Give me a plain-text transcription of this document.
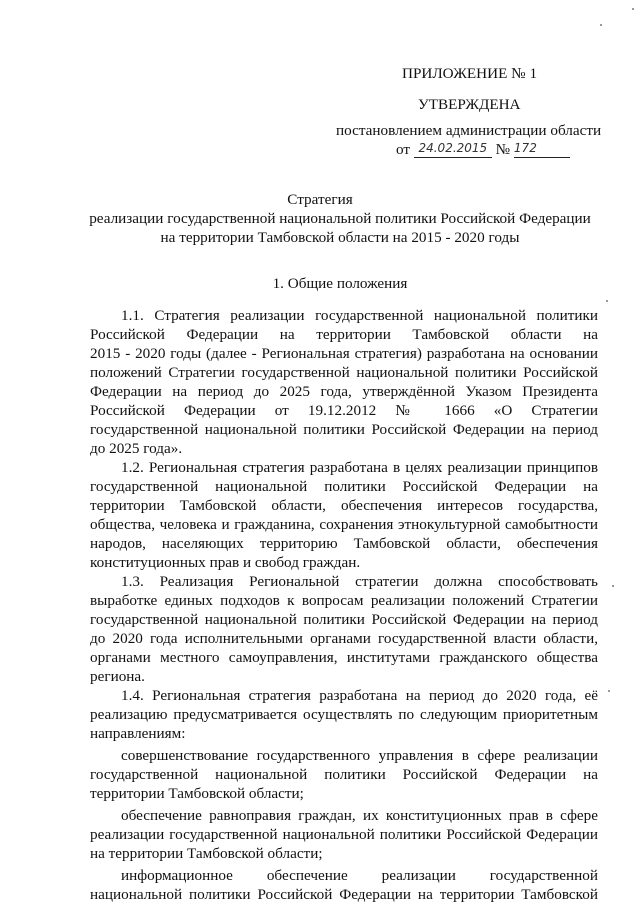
ПРИЛОЖЕНИЕ № 1
УТВЕРЖДЕНА
постановлением администрации области
от 24.02.2015 № 172
Стратегия
реализации государственной национальной политики Российской Федерации
на территории Тамбовской области на 2015 - 2020 годы
1. Общие положения
1.1. Стратегия реализации государственной национальной политики
Российской Федерации на территории Тамбовской области на
2015 - 2020 годы (далее - Региональная стратегия) разработана на основании
положений Стратегии государственной национальной политики Российской
Федерации на период до 2025 года, утверждённой Указом Президента
Российской Федерации от 19.12.2012 № 1666 «О Стратегии
государственной национальной политики Российской Федерации на период
до 2025 года».
1.2. Региональная стратегия разработана в целях реализации принципов
государственной национальной политики Российской Федерации на
территории Тамбовской области, обеспечения интересов государства,
общества, человека и гражданина, сохранения этнокультурной самобытности
народов, населяющих территорию Тамбовской области, обеспечения
конституционных прав и свобод граждан.
1.3. Реализация Региональной стратегии должна способствовать
выработке единых подходов к вопросам реализации положений Стратегии
государственной национальной политики Российской Федерации на период
до 2020 года исполнительными органами государственной власти области,
органами местного самоуправления, институтами гражданского общества
региона.
1.4. Региональная стратегия разработана на период до 2020 года, её
реализацию предусматривается осуществлять по следующим приоритетным
направлениям:
совершенствование государственного управления в сфере реализации
государственной национальной политики Российской Федерации на
территории Тамбовской области;
обеспечение равноправия граждан, их конституционных прав в сфере
реализации государственной национальной политики Российской Федерации
на территории Тамбовской области;
информационное обеспечение реализации государственной
национальной политики Российской Федерации на территории Тамбовской
